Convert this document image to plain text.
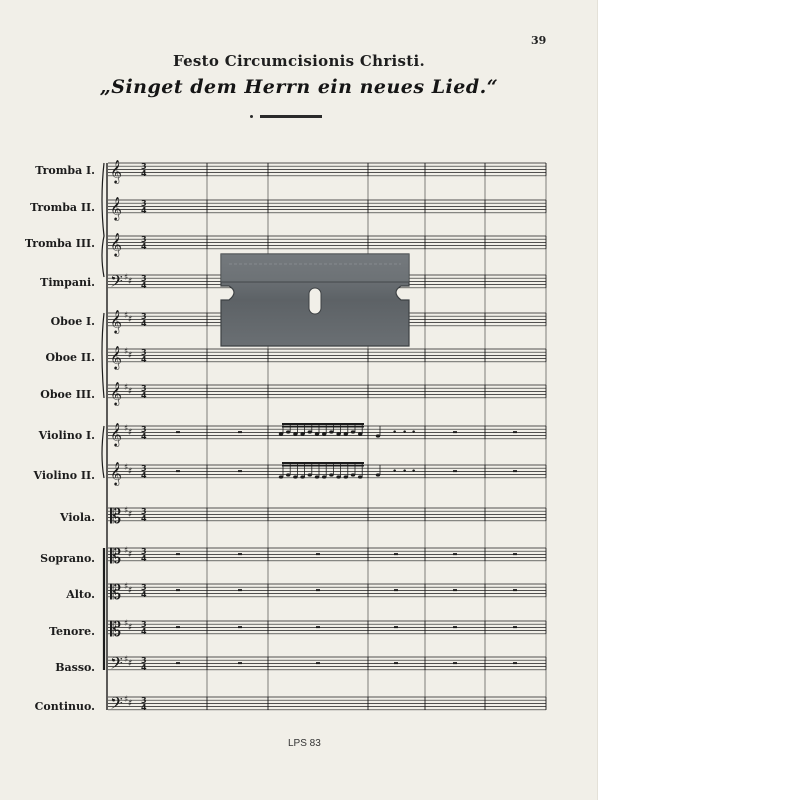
39
Festo Circumcisionis Christi.
„Singet dem Herrn ein neues Lied.“
Tromba I.
Tromba II.
Tromba III.
Timpani.
Oboe I.
Oboe II.
Oboe III.
Violino I.
Violino II.
Viola.
Soprano.
Alto.
Tenore.
Basso.
Continuo.
𝄞 3
4
𝄞 3
4
𝄞 3
4
𝄢 ♯ ♯ 3
4
𝄞 ♯ ♯ 3
4
𝄞 ♯ ♯ 3
4
𝄞 ♯ ♯ 3
4
𝄞 ♯ ♯ 3
4
𝄞 ♯ ♯ 3
4
𝄡 ♯ ♯ 3
4
𝄡 ♯ ♯ 3
4
𝄡 ♯ ♯ 3
4
𝄡 ♯ ♯ 3
4
𝄢 ♯ ♯ 3
4
𝄢 ♯ ♯ 3
4
• • •
• • •
LPS 83
